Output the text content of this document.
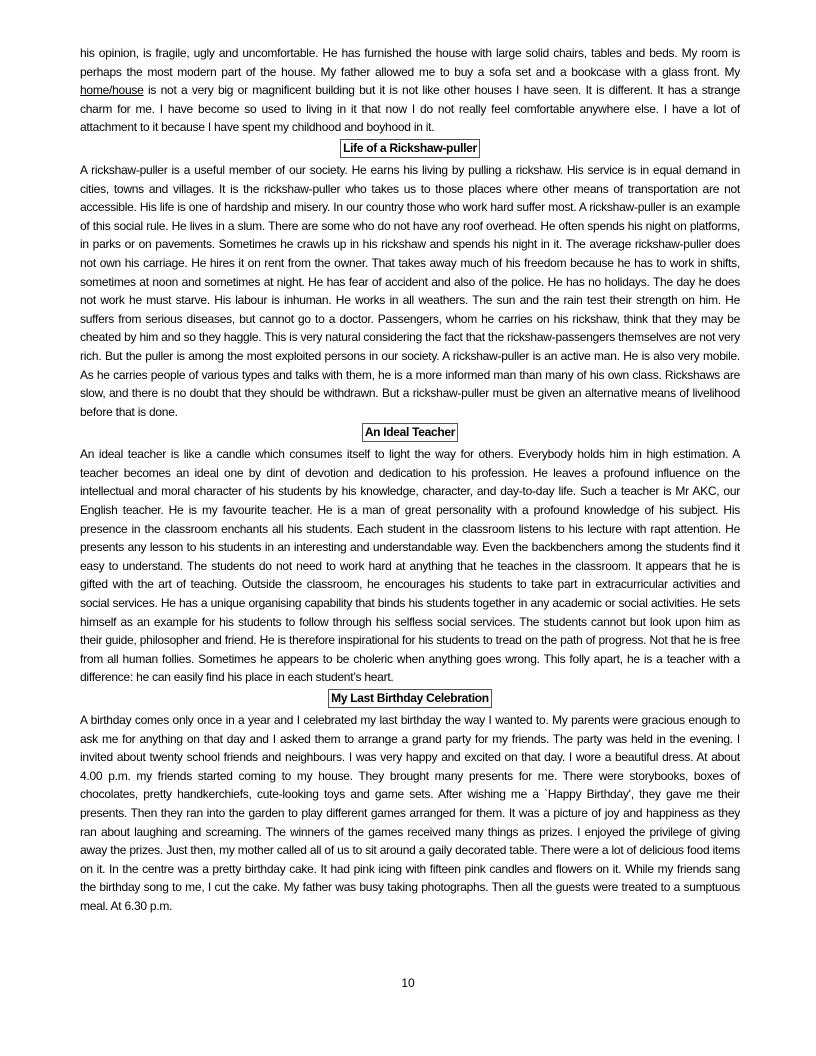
his opinion, is fragile, ugly and uncomfortable. He has furnished the house with large solid chairs, tables and beds. My room is perhaps the most modern part of the house. My father allowed me to buy a sofa set and a bookcase with a glass front. My home/house is not a very big or magnificent building but it is not like other houses I have seen. It is different. It has a strange charm for me. I have become so used to living in it that now I do not really feel comfortable anywhere else. I have a lot of attachment to it because I have spent my childhood and boyhood in it.

Life of a Rickshaw-puller

A rickshaw-puller is a useful member of our society. He earns his living by pulling a rickshaw. His service is in equal demand in cities, towns and villages. It is the rickshaw-puller who takes us to those places where other means of transportation are not accessible. His life is one of hardship and misery. In our country those who work hard suffer most. A rickshaw-puller is an example of this social rule. He lives in a slum. There are some who do not have any roof overhead. He often spends his night on platforms, in parks or on pavements. Sometimes he crawls up in his rickshaw and spends his night in it. The average rickshaw-puller does not own his carriage. He hires it on rent from the owner. That takes away much of his freedom because he has to work in shifts, sometimes at noon and sometimes at night. He has fear of accident and also of the police. He has no holidays. The day he does not work he must starve. His labour is inhuman. He works in all weathers. The sun and the rain test their strength on him. He suffers from serious diseases, but cannot go to a doctor. Passengers, whom he carries on his rickshaw, think that they may be cheated by him and so they haggle. This is very natural considering the fact that the rickshaw-passengers themselves are not very rich. But the puller is among the most exploited persons in our society. A rickshaw-puller is an active man. He is also very mobile. As he carries people of various types and talks with them, he is a more informed man than many of his own class. Rickshaws are slow, and there is no doubt that they should be withdrawn. But a rickshaw-puller must be given an alternative means of livelihood before that is done.

An Ideal Teacher

An ideal teacher is like a candle which consumes itself to light the way for others. Everybody holds him in high estimation. A teacher becomes an ideal one by dint of devotion and dedication to his profession. He leaves a profound influence on the intellectual and moral character of his students by his knowledge, character, and day-to-day life. Such a teacher is Mr AKC, our English teacher. He is my favourite teacher. He is a man of great personality with a profound knowledge of his subject. His presence in the classroom enchants all his students. Each student in the classroom listens to his lecture with rapt attention. He presents any lesson to his students in an interesting and understandable way. Even the backbenchers among the students find it easy to understand. The students do not need to work hard at anything that he teaches in the classroom. It appears that he is gifted with the art of teaching. Outside the classroom, he encourages his students to take part in extracurricular activities and social services. He has a unique organising capability that binds his students together in any academic or social activities. He sets himself as an example for his students to follow through his selfless social services. The students cannot but look upon him as their guide, philosopher and friend. He is therefore inspirational for his students to tread on the path of progress. Not that he is free from all human follies. Sometimes he appears to be choleric when anything goes wrong. This folly apart, he is a teacher with a difference: he can easily find his place in each student’s heart.

My Last Birthday Celebration

A birthday comes only once in a year and I celebrated my last birthday the way I wanted to. My parents were gracious enough to ask me for anything on that day and I asked them to arrange a grand party for my friends. The party was held in the evening. I invited about twenty school friends and neighbours. I was very happy and excited on that day. I wore a beautiful dress. At about 4.00 p.m. my friends started coming to my house. They brought many presents for me. There were storybooks, boxes of chocolates, pretty handkerchiefs, cute-looking toys and game sets. After wishing me a `Happy Birthday', they gave me their presents. Then they ran into the garden to play different games arranged for them. It was a picture of joy and happiness as they ran about laughing and screaming. The winners of the games received many things as prizes. I enjoyed the privilege of giving away the prizes. Just then, my mother called all of us to sit around a gaily decorated table. There were a lot of delicious food items on it. In the centre was a pretty birthday cake. It had pink icing with fifteen pink candles and flowers on it. While my friends sang the birthday song to me, I cut the cake. My father was busy taking photographs. Then all the guests were treated to a sumptuous meal. At 6.30 p.m.

10
